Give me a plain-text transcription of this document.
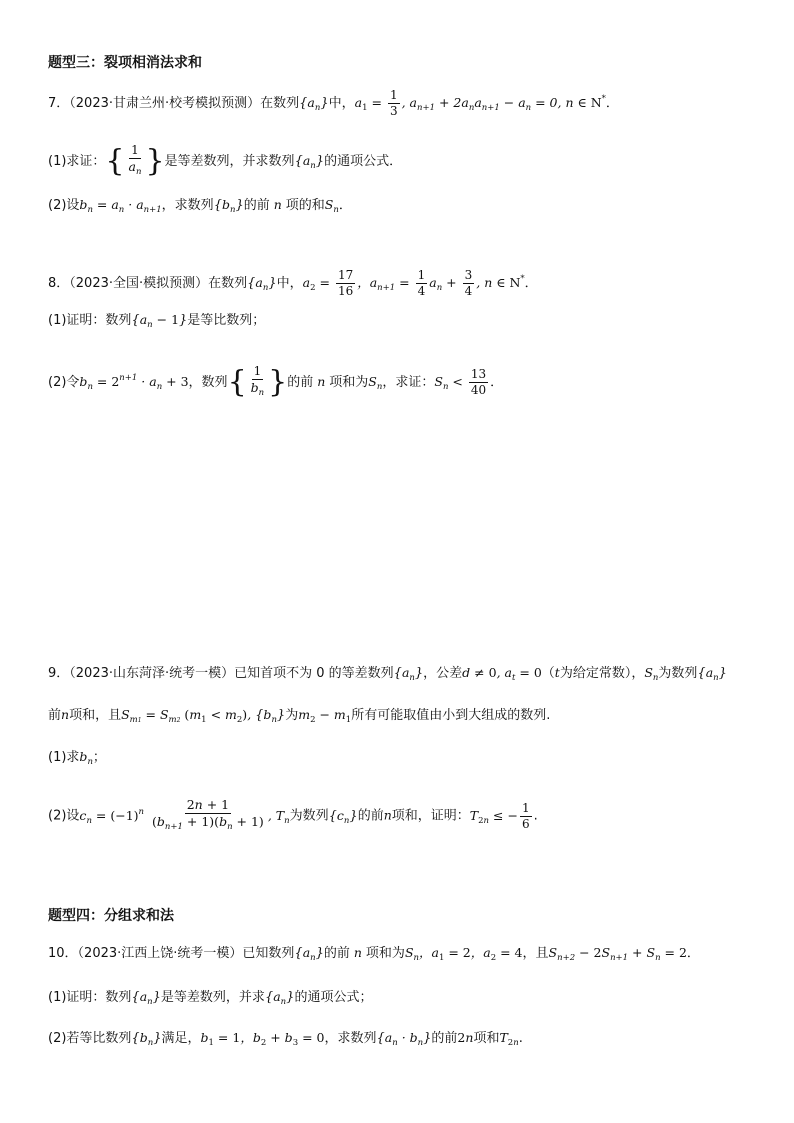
题型三：裂项相消法求和
7．（2023·甘肃兰州·校考模拟预测）在数列$\{a_n\}$中，$a_1 = \frac{1}{3}$ , $a_{n+1} + 2a_na_{n+1} - a_n = 0$, n ∈ N*．
(1)求证：{ $\frac{1}{a_n}$ }是等差数列，并求数列$\{a_n\}$的通项公式．
(2)设$b_n = a_n \cdot a_{n+1}$，求数列$\{b_n\}$的前 n 项的和$S_n$．
8．（2023·全国·模拟预测）在数列$\{a_n\}$中，$a_2 = \frac{17}{16}$ ，$a_{n+1} = \frac{1}{4} a_n + \frac{3}{4}$ , n ∈ N*．
(1)证明：数列$\{a_n - 1\}$是等比数列；
(2)令$b_n = 2^{n+1} \cdot a_n + 3$，数列{ $\frac{1}{b_n}$ }的前 n 项和为$S_n$，求证：$S_n < \frac{13}{40}$ ．
9．（2023·山东菏泽·统考一模）已知首项不为 0 的等差数列$\{a_n\}$，公差d ≠ 0, $a_t = 0(t$为给定常数），$S_n$为数列$\{a_n\}$
前n项和，且$S_{m1} = S_{m2}$ $(m_1 < m_2)$, $\{b_n\}$为$m_2 - m_1$所有可能取值由小到大组成的数列.
(1)求$b_n$；
(2)设$c_n = (-1)^n \frac{2n + 1}{(b_{n+1} + 1)(b_n + 1)}$ , $T_n$为数列$\{c_n\}$的前n项和，证明：$T_{2n}$ ≤ − $\frac{1}{6}$ .
题型四：分组求和法
10．（2023·江西上饶·统考一模）已知数列$\{a_n\}$的前 n 项和为$S_n$，$a_1 = 2$，$a_2 = 4$，且$S_{n+2} - 2S_{n+1} + S_n = 2$．
(1)证明：数列$\{a_n\}$是等差数列，并求$\{a_n\}$的通项公式；
(2)若等比数列$\{b_n\}$满足，$b_1 = 1$，$b_2 + b_3 = 0$，求数列$\{a_n \cdot b_n\}$的前2n项和$T_{2n}$.
